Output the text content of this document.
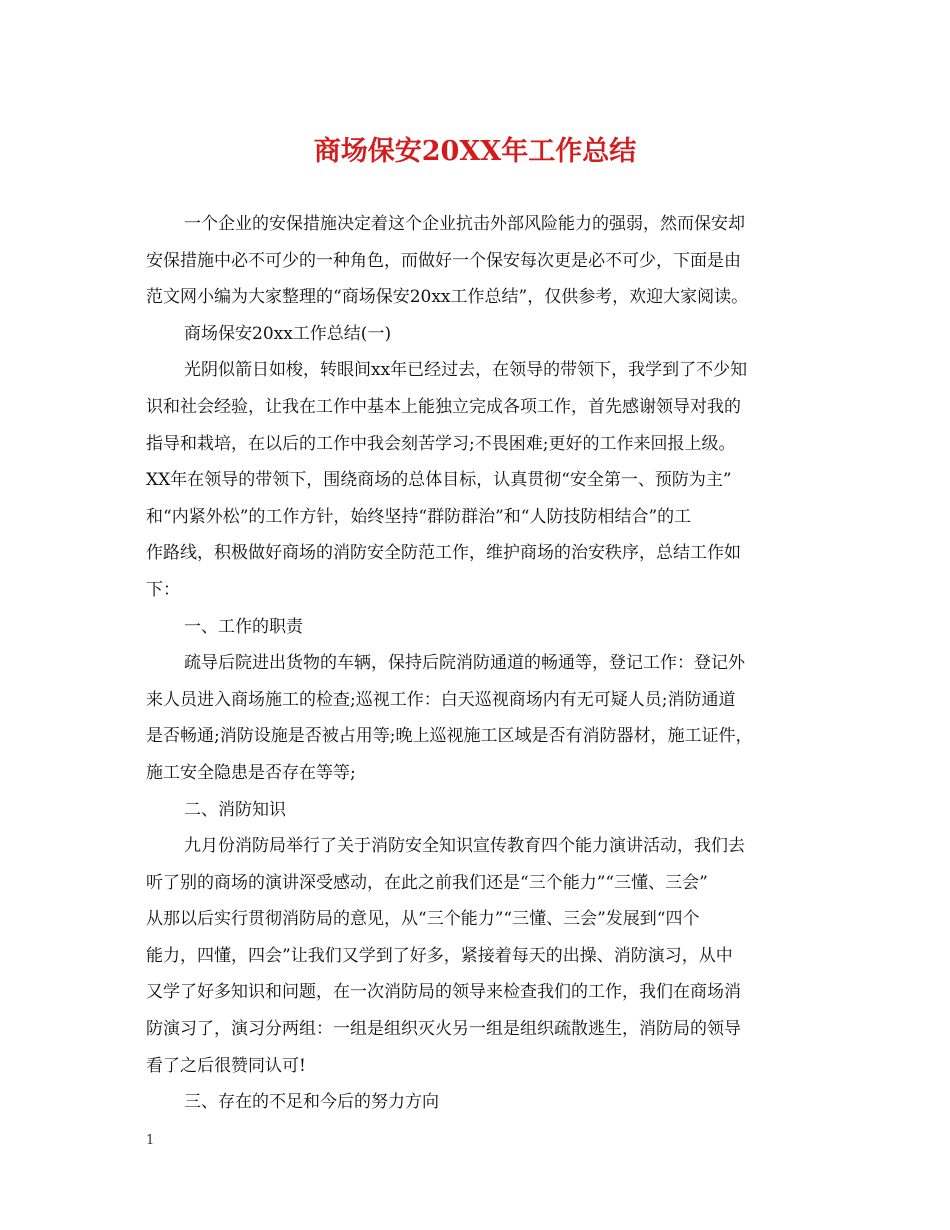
商场保安20XX年工作总结
一个企业的安保措施决定着这个企业抗击外部风险能力的强弱，然而保安却
安保措施中必不可少的一种角色，而做好一个保安每次更是必不可少，下面是由
范文网小编为大家整理的“商场保安20xx工作总结”，仅供参考，欢迎大家阅读。
商场保安20xx工作总结(一)
光阴似箭日如梭，转眼间xx年已经过去，在领导的带领下，我学到了不少知
识和社会经验，让我在工作中基本上能独立完成各项工作，首先感谢领导对我的
指导和栽培，在以后的工作中我会刻苦学习;不畏困难;更好的工作来回报上级。
XX年在领导的带领下，围绕商场的总体目标，认真贯彻“安全第一、预防为主”
和“内紧外松”的工作方针，始终坚持“群防群治”和“人防技防相结合”的工
作路线，积极做好商场的消防安全防范工作，维护商场的治安秩序，总结工作如
下：
一、工作的职责
疏导后院进出货物的车辆，保持后院消防通道的畅通等，登记工作：登记外
来人员进入商场施工的检查;巡视工作：白天巡视商场内有无可疑人员;消防通道
是否畅通;消防设施是否被占用等;晚上巡视施工区域是否有消防器材，施工证件，
施工安全隐患是否存在等等;
二、消防知识
九月份消防局举行了关于消防安全知识宣传教育四个能力演讲活动，我们去
听了别的商场的演讲深受感动，在此之前我们还是“三个能力”“三懂、三会”
从那以后实行贯彻消防局的意见，从“三个能力”“三懂、三会”发展到“四个
能力，四懂，四会”让我们又学到了好多，紧接着每天的出操、消防演习，从中
又学了好多知识和问题，在一次消防局的领导来检查我们的工作，我们在商场消
防演习了，演习分两组：一组是组织灭火另一组是组织疏散逃生，消防局的领导
看了之后很赞同认可!
三、存在的不足和今后的努力方向
1
